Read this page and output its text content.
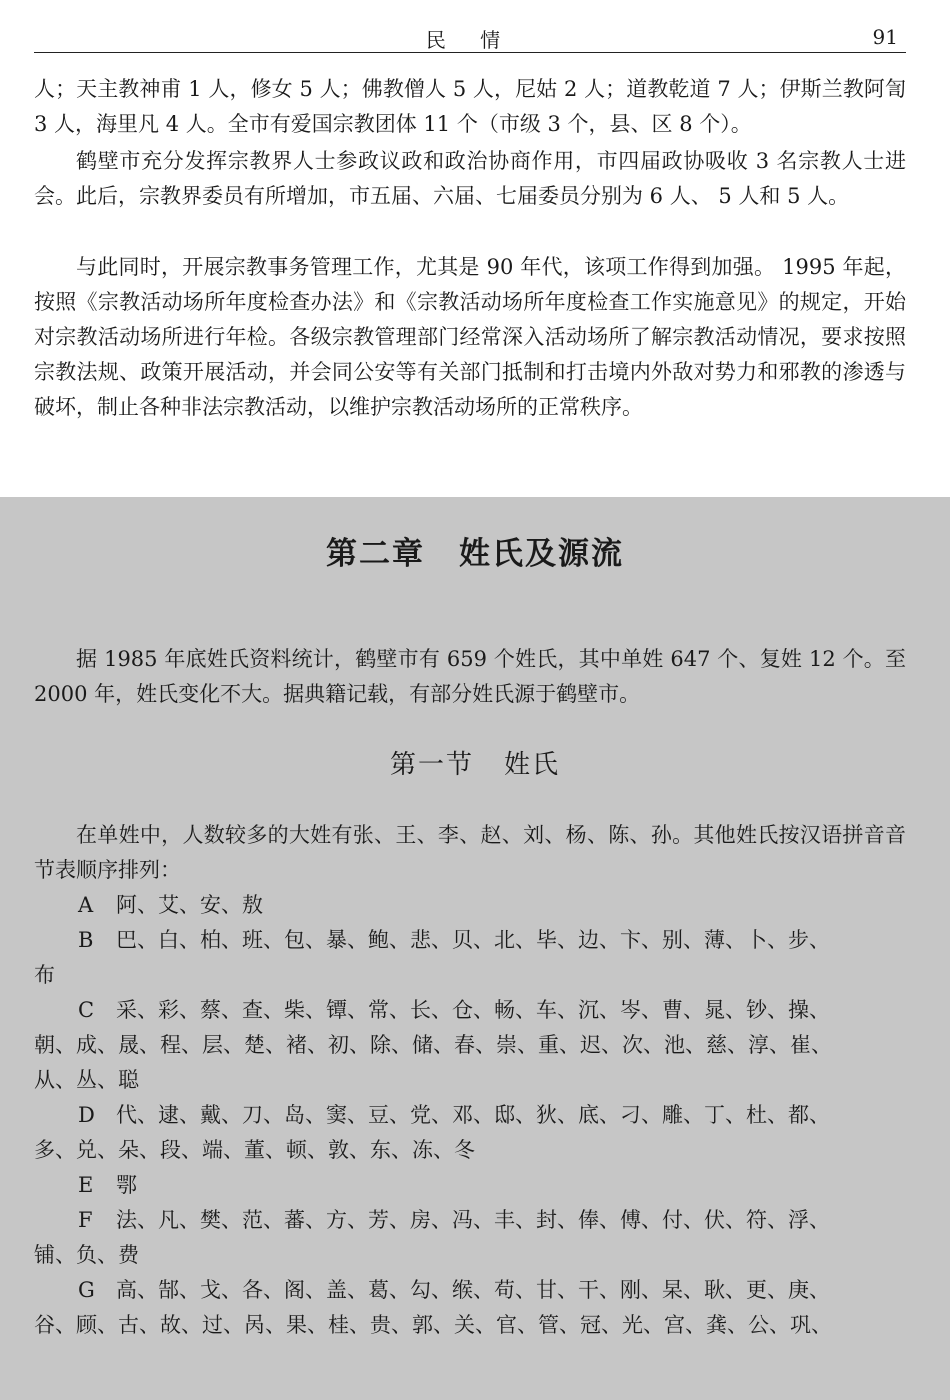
民 情	91

人；天主教神甫 1 人，修女 5 人；佛教僧人 5 人，尼姑 2 人；道教乾道 7 人；伊斯兰教阿訇 3 人，海里凡 4 人。全市有爱国宗教团体 11 个（市级 3 个，县、区 8 个）。

鹤壁市充分发挥宗教界人士参政议政和政治协商作用，市四届政协吸收 3 名宗教人士进会。此后，宗教界委员有所增加，市五届、六届、七届委员分别为 6 人、 5 人和 5 人。

与此同时，开展宗教事务管理工作，尤其是 90 年代，该项工作得到加强。 1995 年起，按照《宗教活动场所年度检查办法》和《宗教活动场所年度检查工作实施意见》的规定，开始对宗教活动场所进行年检。各级宗教管理部门经常深入活动场所了解宗教活动情况，要求按照宗教法规、政策开展活动，并会同公安等有关部门抵制和打击境内外敌对势力和邪教的渗透与破坏，制止各种非法宗教活动，以维护宗教活动场所的正常秩序。

第二章 姓氏及源流

据 1985 年底姓氏资料统计，鹤壁市有 659 个姓氏，其中单姓 647 个、复姓 12 个。至 2000 年，姓氏变化不大。据典籍记载，有部分姓氏源于鹤壁市。

第一节 姓氏

在单姓中，人数较多的大姓有张、王、李、赵、刘、杨、陈、孙。其他姓氏按汉语拼音音节表顺序排列：

A 阿、艾、安、敖
B 巴、白、柏、班、包、暴、鲍、悲、贝、北、毕、边、卞、别、薄、卜、步、
布
C 采、彩、蔡、查、柴、镡、常、长、仓、畅、车、沉、岑、曹、晁、钞、操、
朝、成、晟、程、层、楚、褚、初、除、储、春、崇、重、迟、次、池、慈、淳、崔、
从、丛、聪
D 代、逮、戴、刀、岛、窦、豆、党、邓、邸、狄、底、刁、雕、丁、杜、都、
多、兑、朵、段、端、董、顿、敦、东、冻、冬
E 鄂
F 法、凡、樊、范、蕃、方、芳、房、冯、丰、封、俸、傅、付、伏、符、浮、
铺、负、费
G 高、郜、戈、各、阁、盖、葛、勾、缑、苟、甘、干、刚、杲、耿、更、庚、
谷、顾、古、故、过、呙、果、桂、贵、郭、关、官、管、冠、光、宫、龚、公、巩、
